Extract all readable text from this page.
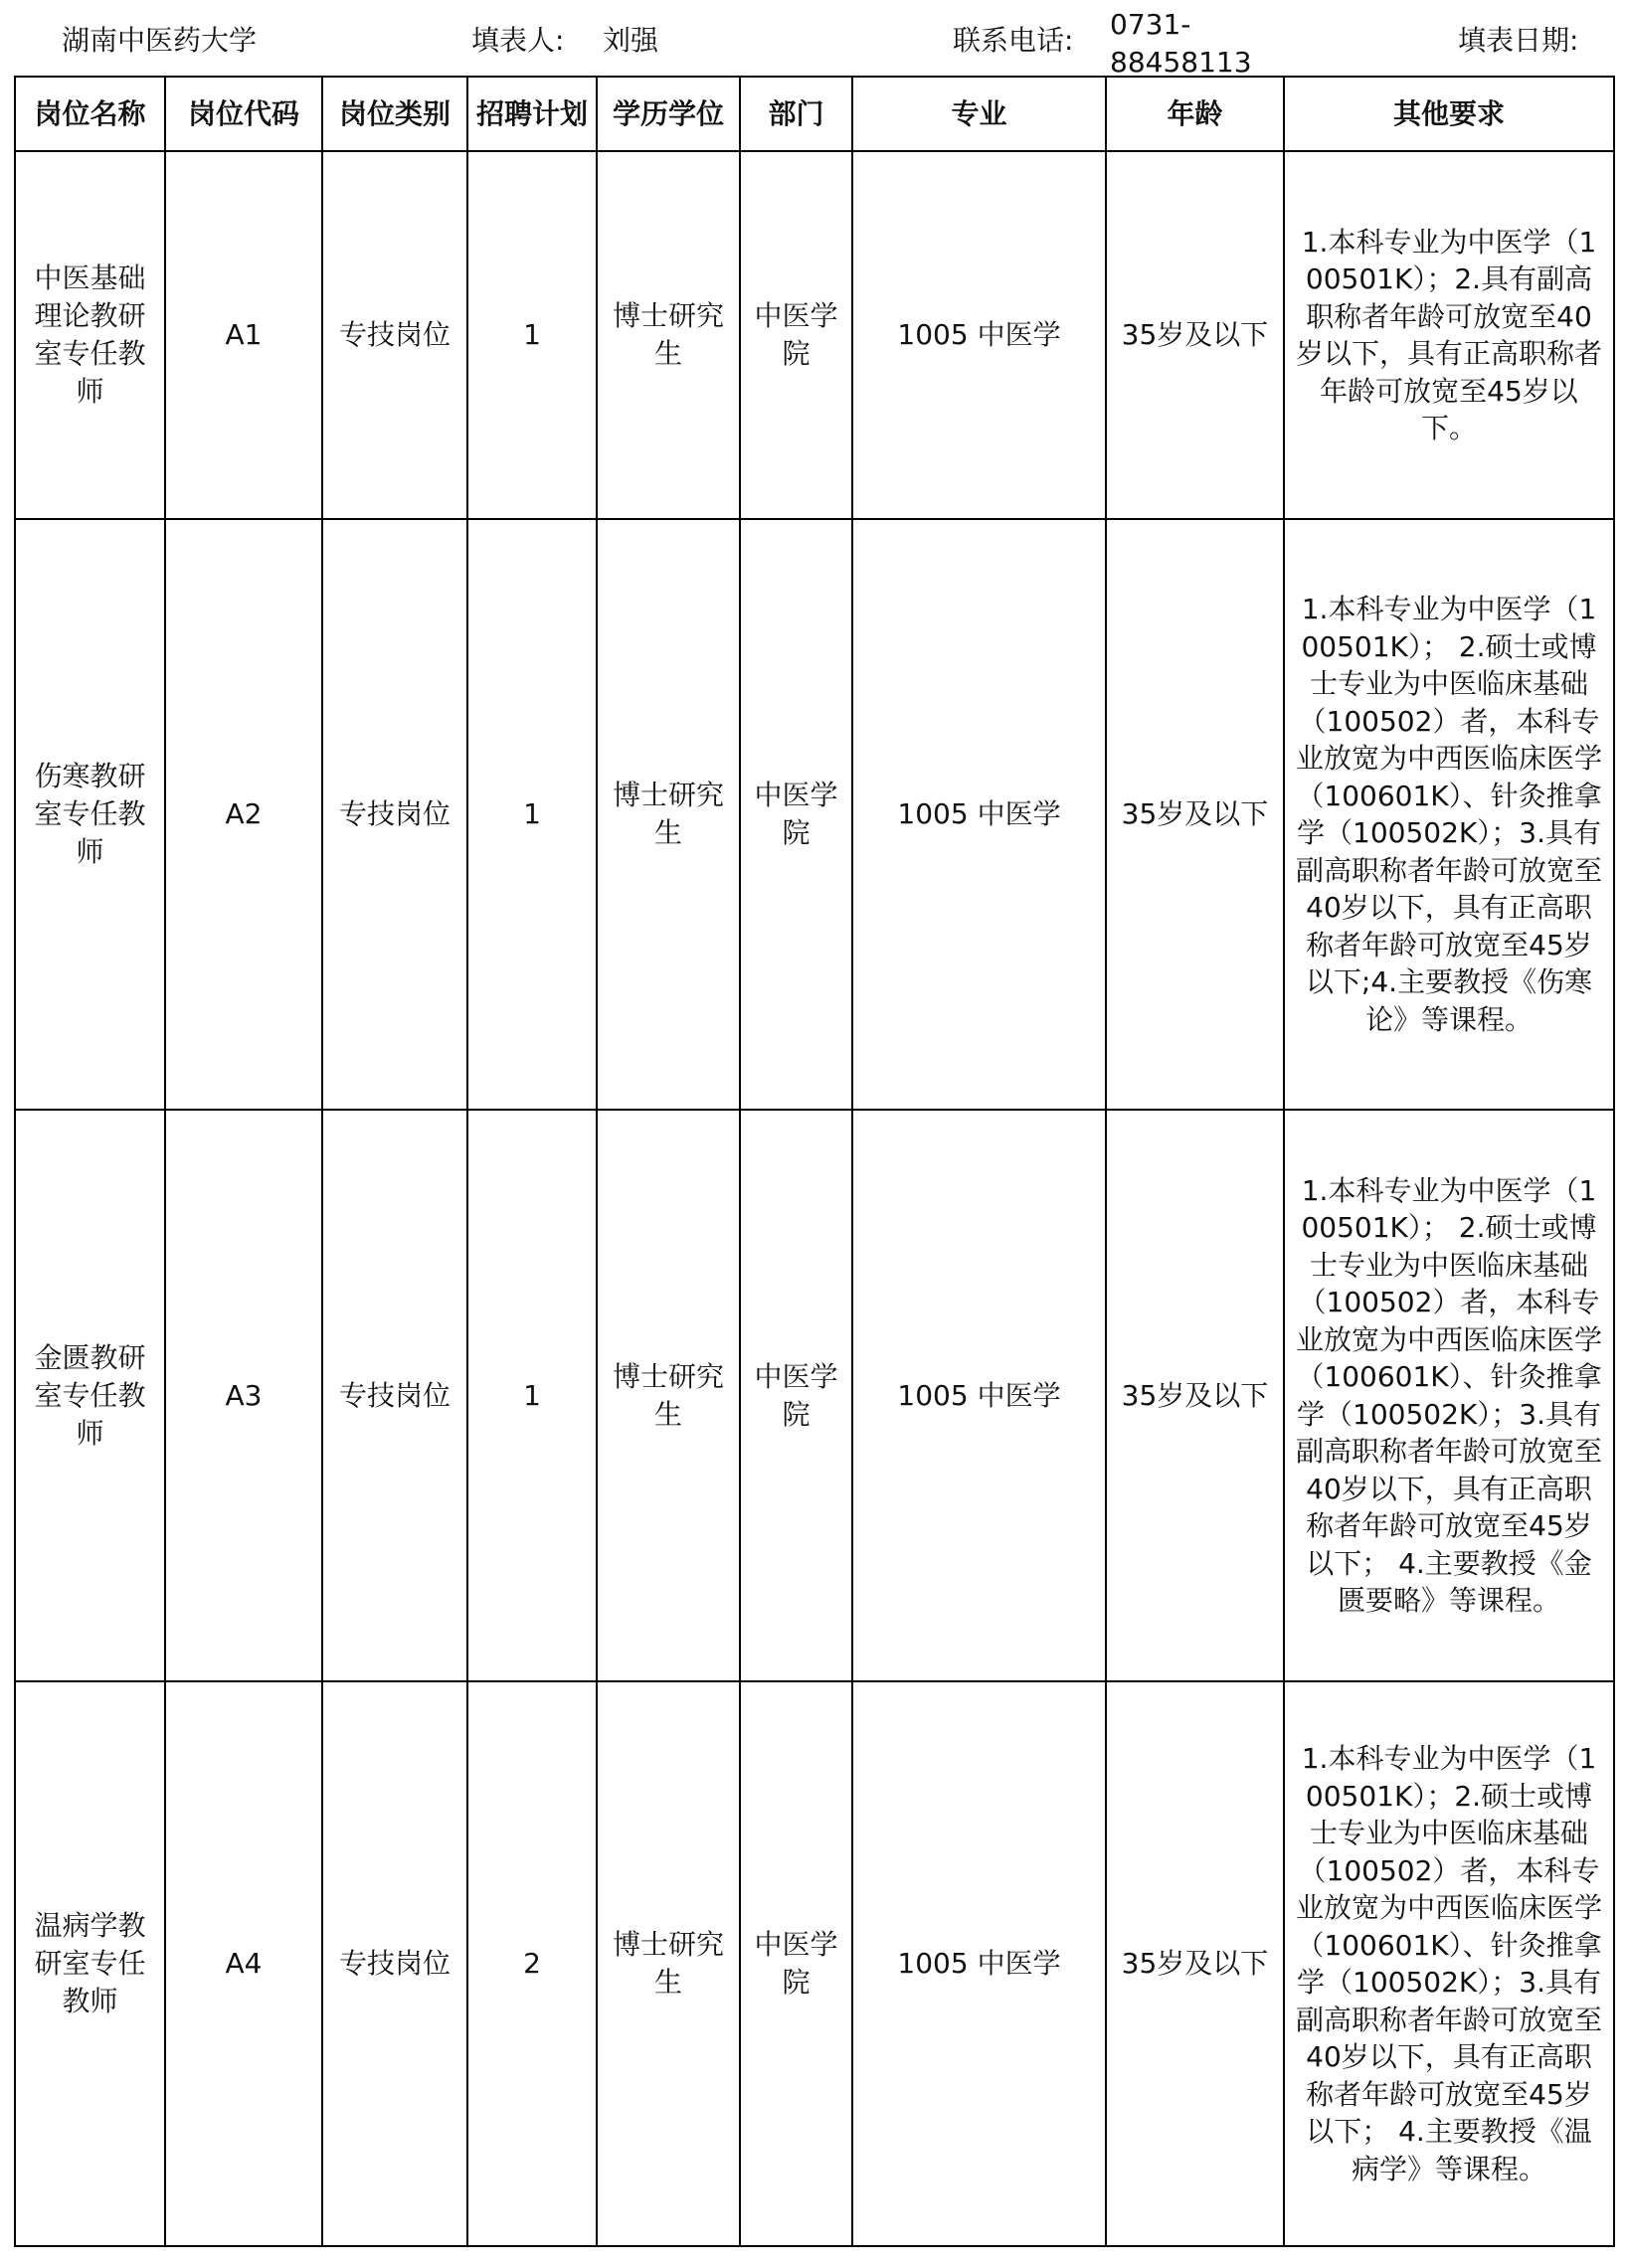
湖南中医药大学	填表人: 刘强	联系电话: 0731-88458113
填表日期:
岗位名称	岗位代码	岗位类别	招聘计划	学历学位	部门	专业	年龄	其他要求
中医基础理论教研室专任教师	A1	专技岗位	1	博士研究生	中医学院	1005 中医学	35岁及以下	1.本科专业为中医学（100501K）；2.具有副高职称者年龄可放宽至40岁以下，具有正高职称者年龄可放宽至45岁以下。
伤寒教研室专任教师	A2	专技岗位	1	博士研究生	中医学院	1005 中医学	35岁及以下	1.本科专业为中医学（100501K）； 2.硕士或博士专业为中医临床基础（100502）者，本科专业放宽为中西医临床医学（100601K）、针灸推拿学（100502K）；3.具有副高职称者年龄可放宽至40岁以下，具有正高职称者年龄可放宽至45岁以下;4.主要教授《伤寒论》等课程。
金匮教研室专任教师	A3	专技岗位	1	博士研究生	中医学院	1005 中医学	35岁及以下	1.本科专业为中医学（100501K）； 2.硕士或博士专业为中医临床基础（100502）者，本科专业放宽为中西医临床医学（100601K）、针灸推拿学（100502K）；3.具有副高职称者年龄可放宽至40岁以下，具有正高职称者年龄可放宽至45岁以下； 4.主要教授《金匮要略》等课程。
温病学教研室专任教师	A4	专技岗位	2	博士研究生	中医学院	1005 中医学	35岁及以下	1.本科专业为中医学（100501K）；2.硕士或博士专业为中医临床基础（100502）者，本科专业放宽为中西医临床医学（100601K）、针灸推拿学（100502K）；3.具有副高职称者年龄可放宽至40岁以下，具有正高职称者年龄可放宽至45岁以下； 4.主要教授《温病学》等课程。
